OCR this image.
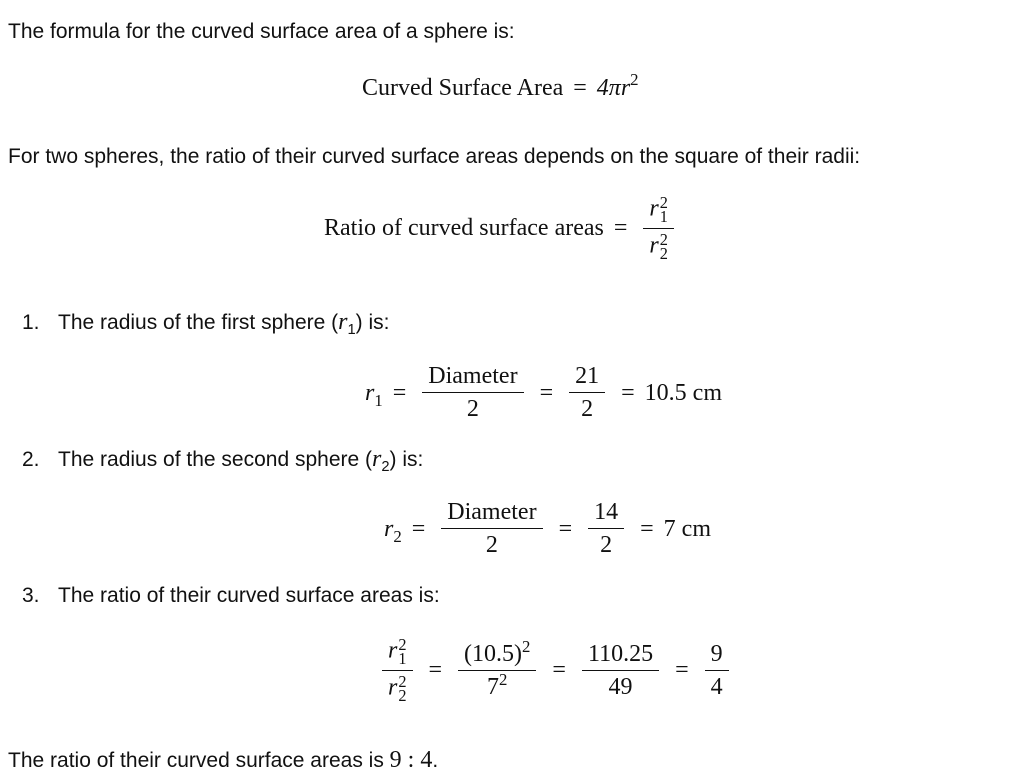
The formula for the curved surface area of a sphere is:
Curved Surface Area = $4\pi r^2$
For two spheres, the ratio of their curved surface areas depends on the square of their radii:
Ratio of curved surface areas = r 2
1
r 2
2
1. The radius of the first sphere $(r_1)$ is:
$r_1 = \frac{\text{Diameter}}{2} = \frac{21}{2} = 10.5$ cm
2. The radius of the second sphere $(r_2)$ is:
$r_2 = \frac{\text{Diameter}}{2} = \frac{14}{2} = 7$ cm
3. The ratio of their curved surface areas is:
r 2
1
r 2
$2 = \frac{(10.5)^2}{7^2} = \frac{110.25}{49} = \frac{9}{4}$
The ratio of their curved surface areas is 9 : 4.
